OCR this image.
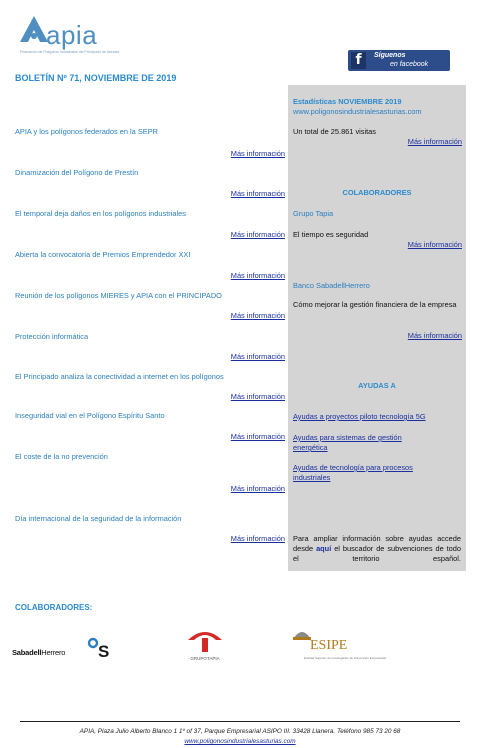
apia
Federación de Polígonos Industriales del Principado de Asturias	f	Síguenos
en facebook
BOLETÍN Nº 71, NOVIEMBRE DE 2019
APIA y los polígonos federados en la SEPR
Más información
Dinamización del Polígono de Prestín
Más información
El temporal deja daños en los polígonos industriales
Más información
Abierta la convocatoria de Premios Emprendedor XXI
Más información
Reunión de los polígonos MIERES y APIA con el PRINCIPADO
Más información
Protección informática
Más información
El Principado analiza la conectividad a internet en los polígonos
Más información
Inseguridad vial en el Polígono Espíritu Santo
Más información
El coste de la no prevención
Más información
Día internacional de la seguridad de la información
Más información
Estadísticas NOVIEMBRE 2019
www.poligonosindustrialesasturias.com
Un total de 25.861 visitas
Más información
COLABORADORES
Grupo Tapia
El tiempo es seguridad
Más información
Banco SabadellHerrero
Cómo mejorar la gestión financiera de la empresa
Más información
AYUDAS A
Ayudas a proyectos piloto tecnología 5G
Ayudas para sistemas de gestión energética
Ayudas de tecnología para procesos industriales
Para ampliar información sobre ayudas accede desde aquí el buscador de subvenciones de todo el territorio español.
COLABORADORES:
SabadellHerrero S	GRUPOTAPIA
ESIPE
Entidad Superior de Investigación de Prevención Empresarial
APIA, Plaza Julio Alberto Blanco 1 1º of 37, Parque Empresarial ASIPO III. 33428 Llanera. Teléfono 985 73 20 68
www.poligonosindustrialesasturias.com
